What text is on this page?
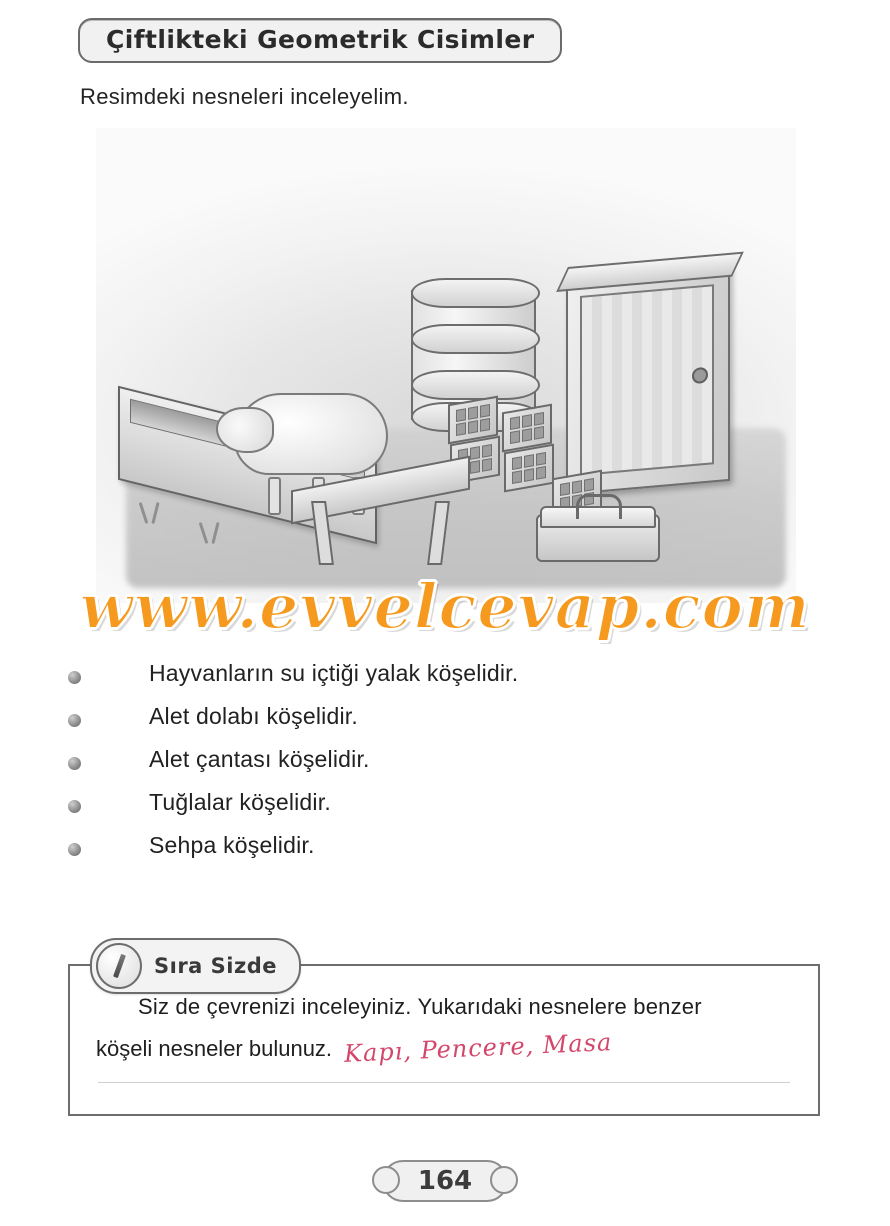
Çiftlikteki Geometrik Cisimler
Resimdeki nesneleri inceleyelim.
www.evvelcevap.com
Hayvanların su içtiği yalak köşelidir.
Alet dolabı köşelidir.
Alet çantası köşelidir.
Tuğlalar köşelidir.
Sehpa köşelidir.
Sıra Sizde
Siz de çevrenizi inceleyiniz. Yukarıdaki nesnelere benzer
köşeli nesneler bulunuz. Kapı, Pencere, Masa
164
